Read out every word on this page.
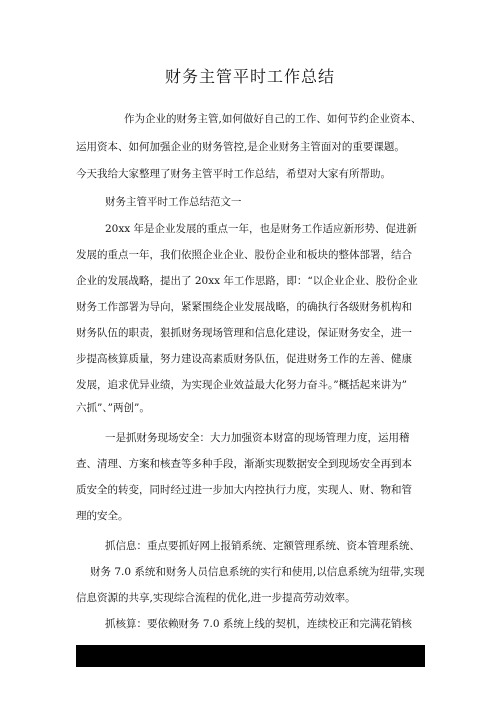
财务主管平时工作总结
作为企业的财务主管,如何做好自己的工作、如何节约企业资本、
运用资本、如何加强企业的财务管控,是企业财务主管面对的重要课题。
今天我给大家整理了财务主管平时工作总结，希望对大家有所帮助。
财务主管平时工作总结范文一
20xx 年是企业发展的重点一年，也是财务工作适应新形势、促进新
发展的重点一年，我们依照企业企业、股份企业和板块的整体部署，结合
企业的发展战略，提出了 20xx 年工作思路，即：“以企业企业、股份企业
财务工作部署为导向，紧紧围绕企业发展战略，的确执行各级财务机构和
财务队伍的职责，狠抓财务现场管理和信息化建设，保证财务安全，进一
步提高核算质量，努力建设高素质财务队伍，促进财务工作的左善、健康
发展，追求优异业绩，为实现企业效益最大化努力奋斗。”概括起来讲为”
六抓”、”两创”。
一是抓财务现场安全：大力加强资本财富的现场管理力度，运用稽
查、清理、方案和核查等多种手段，渐渐实现数据安全到现场安全再到本
质安全的转变，同时经过进一步加大内控执行力度，实现人、财、物和管
理的安全。
抓信息：重点要抓好网上报销系统、定额管理系统、资本管理系统、
财务 7.0 系统和财务人员信息系统的实行和使用,以信息系统为纽带,实现
信息资源的共享,实现综合流程的优化,进一步提高劳动效率。
抓核算：要依赖财务 7.0 系统上线的契机，连续校正和完满花销核
